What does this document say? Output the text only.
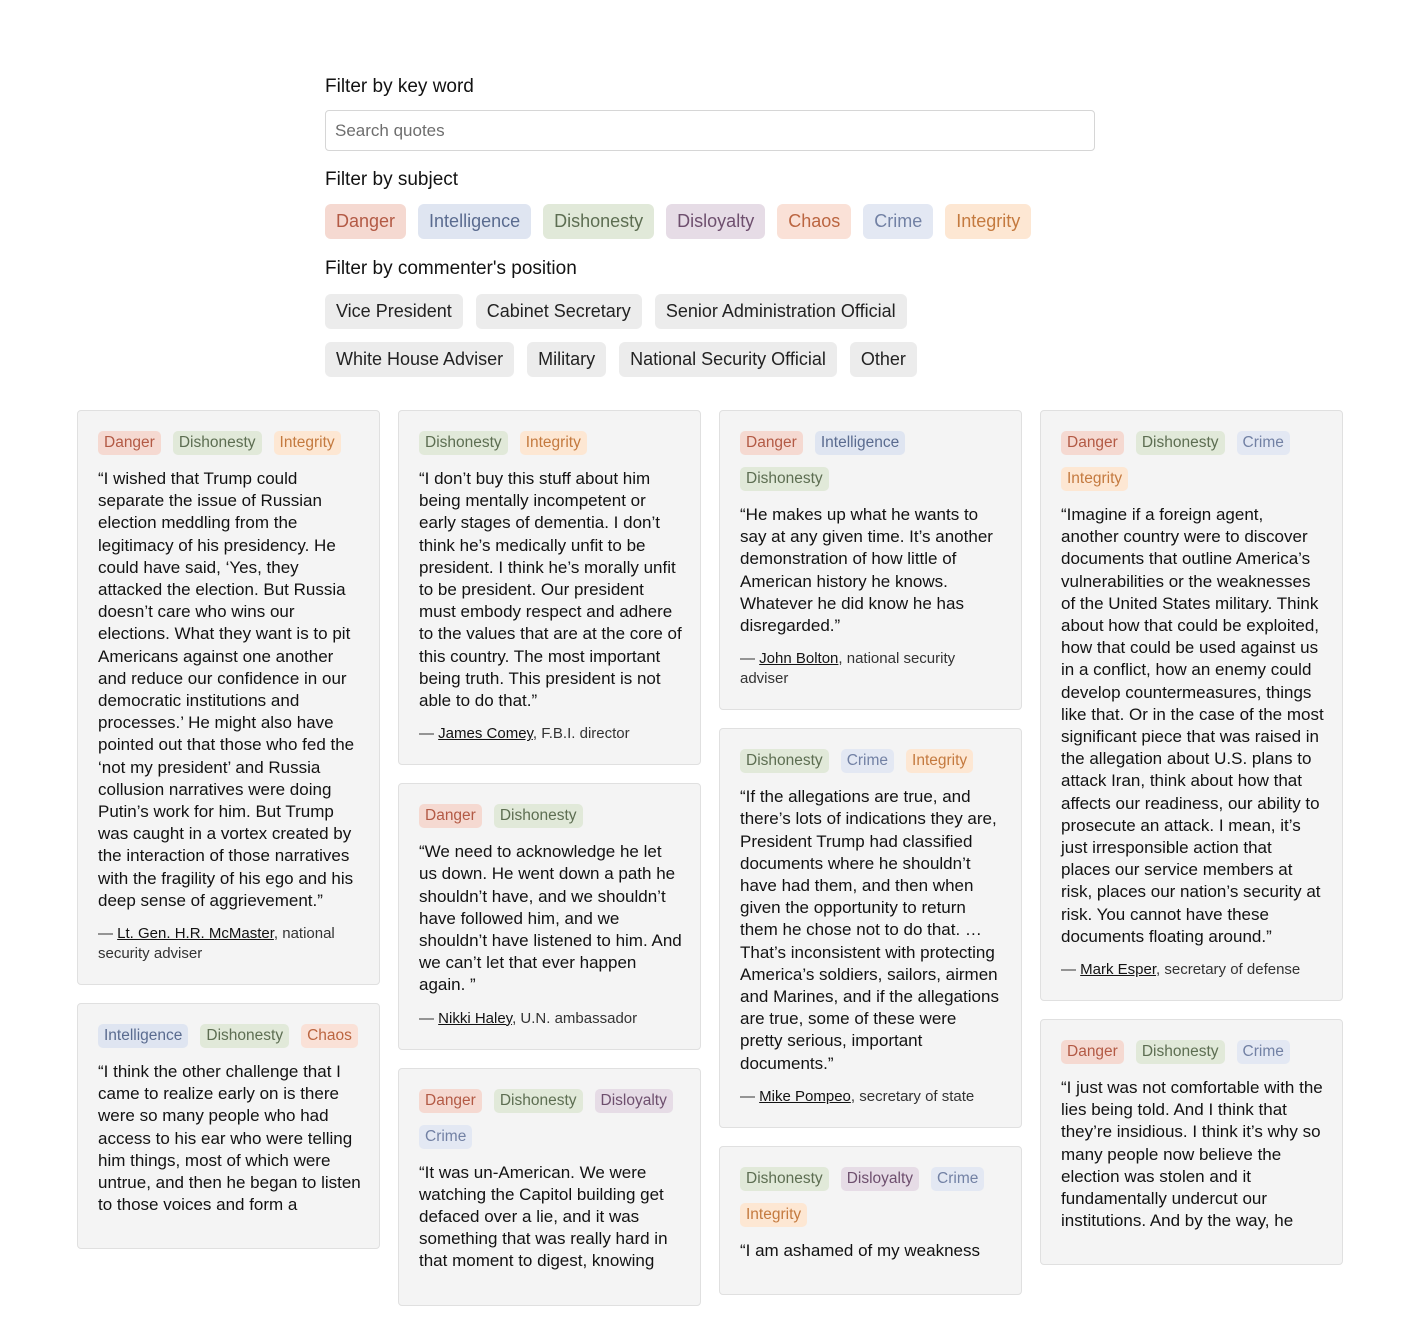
Filter by key word

Search quotes

Filter by subject

Danger	Intelligence	Dishonesty	Disloyalty	Chaos	Crime	Integrity

Filter by commenter's position

Vice President	Cabinet Secretary	Senior Administration Official
White House Adviser	Military	National Security Official	Other
Danger	Dishonesty	Integrity

“I wished that Trump could separate the issue of Russian election meddling from the legitimacy of his presidency. He could have said, ‘Yes, they attacked the election. But Russia doesn’t care who wins our elections. What they want is to pit Americans against one another and reduce our confidence in our democratic institutions and processes.’ He might also have pointed out that those who fed the ‘not my president’ and Russia collusion narratives were doing Putin’s work for him. But Trump was caught in a vortex created by the interaction of those narratives with the fragility of his ego and his deep sense of aggrievement.”

— Lt. Gen. H.R. McMaster, national security adviser
Intelligence	Dishonesty	Chaos

“I think the other challenge that I came to realize early on is there were so many people who had access to his ear who were telling him things, most of which were untrue, and then he began to listen to those voices and form a

Dishonesty	Integrity

“I don’t buy this stuff about him being mentally incompetent or early stages of dementia. I don’t think he’s medically unfit to be president. I think he’s morally unfit to be president. Our president must embody respect and adhere to the values that are at the core of this country. The most important being truth. This president is not able to do that.”

— James Comey, F.B.I. director
Danger	Dishonesty

“We need to acknowledge he let us down. He went down a path he shouldn’t have, and we shouldn’t have followed him, and we shouldn’t have listened to him. And we can’t let that ever happen again. ”

— Nikki Haley, U.N. ambassador
Danger	Dishonesty	Disloyalty
Crime

“It was un-American. We were watching the Capitol building get defaced over a lie, and it was something that was really hard in that moment to digest, knowing

Danger	Intelligence
Dishonesty

“He makes up what he wants to say at any given time. It’s another demonstration of how little of American history he knows. Whatever he did know he has disregarded.”

— John Bolton, national security adviser
Dishonesty	Crime	Integrity

“If the allegations are true, and there’s lots of indications they are, President Trump had classified documents where he shouldn’t have had them, and then when given the opportunity to return them he chose not to do that. … That’s inconsistent with protecting America’s soldiers, sailors, airmen and Marines, and if the allegations are true, some of these were pretty serious, important documents.”

— Mike Pompeo, secretary of state
Dishonesty	Disloyalty	Crime
Integrity

“I am ashamed of my weakness

Danger	Dishonesty	Crime
Integrity

“Imagine if a foreign agent, another country were to discover documents that outline America’s vulnerabilities or the weaknesses of the United States military. Think about how that could be exploited, how that could be used against us in a conflict, how an enemy could develop countermeasures, things like that. Or in the case of the most significant piece that was raised in the allegation about U.S. plans to attack Iran, think about how that affects our readiness, our ability to prosecute an attack. I mean, it’s just irresponsible action that places our service members at risk, places our nation’s security at risk. You cannot have these documents floating around.”

— Mark Esper, secretary of defense
Danger	Dishonesty	Crime

“I just was not comfortable with the lies being told. And I think that they’re insidious. I think it’s why so many people now believe the election was stolen and it fundamentally undercut our institutions. And by the way, he
